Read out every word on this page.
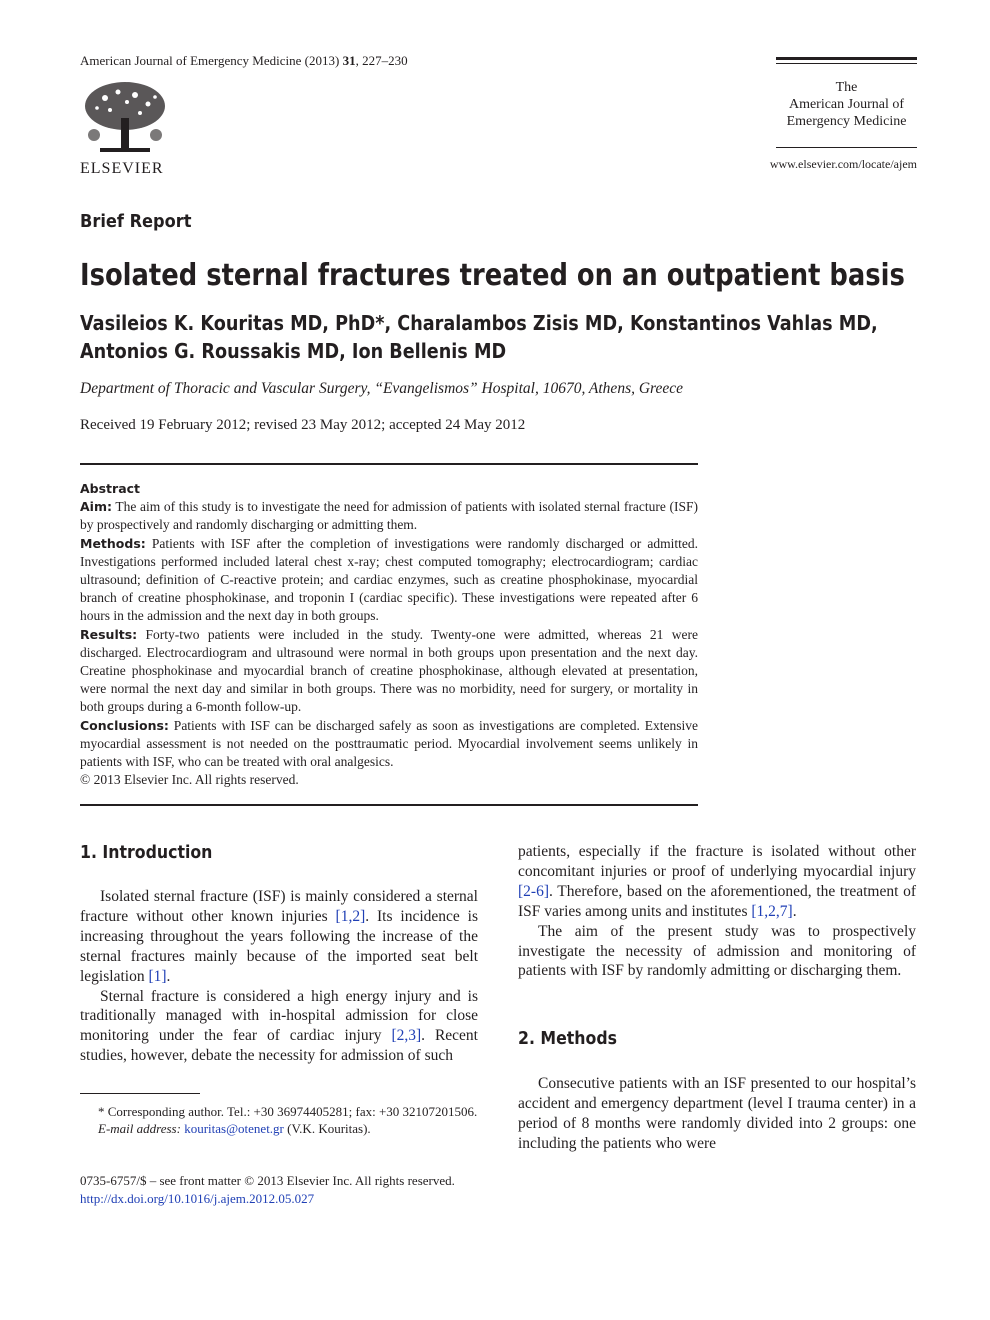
American Journal of Emergency Medicine (2013) 31, 227–230
ELSEVIER
The
American Journal of
Emergency Medicine
www.elsevier.com/locate/ajem
Brief Report
Isolated sternal fractures treated on an outpatient basis
Vasileios K. Kouritas MD, PhD*, Charalambos Zisis MD, Konstantinos Vahlas MD,
Antonios G. Roussakis MD, Ion Bellenis MD
Department of Thoracic and Vascular Surgery, “Evangelismos” Hospital, 10670, Athens, Greece
Received 19 February 2012; revised 23 May 2012; accepted 24 May 2012

Abstract

Aim: The aim of this study is to investigate the need for admission of patients with isolated sternal fracture (ISF) by prospectively and randomly discharging or admitting them.

Methods: Patients with ISF after the completion of investigations were randomly discharged or admitted. Investigations performed included lateral chest x-ray; chest computed tomography; electrocardiogram; cardiac ultrasound; definition of C-reactive protein; and cardiac enzymes, such as creatine phosphokinase, myocardial branch of creatine phosphokinase, and troponin I (cardiac specific). These investigations were repeated after 6 hours in the admission and the next day in both groups.

Results: Forty-two patients were included in the study. Twenty-one were admitted, whereas 21 were discharged. Electrocardiogram and ultrasound were normal in both groups upon presentation and the next day. Creatine phosphokinase and myocardial branch of creatine phosphokinase, although elevated at presentation, were normal the next day and similar in both groups. There was no morbidity, need for surgery, or mortality in both groups during a 6-month follow-up.

Conclusions: Patients with ISF can be discharged safely as soon as investigations are completed. Extensive myocardial assessment is not needed on the posttraumatic period. Myocardial involvement seems unlikely in patients with ISF, who can be treated with oral analgesics.

© 2013 Elsevier Inc. All rights reserved.

1. Introduction

Isolated sternal fracture (ISF) is mainly considered a sternal fracture without other known injuries [1,2]. Its incidence is increasing throughout the years following the increase of the sternal fractures mainly because of the imported seat belt legislation [1].

Sternal fracture is considered a high energy injury and is traditionally managed with in-hospital admission for close monitoring under the fear of cardiac injury [2,3]. Recent studies, however, debate the necessity for admission of such

* Corresponding author. Tel.: +30 36974405281; fax: +30 32107201506.

E-mail address: kouritas@otenet.gr (V.K. Kouritas).

0735-6757/$ – see front matter © 2013 Elsevier Inc. All rights reserved.
http://dx.doi.org/10.1016/j.ajem.2012.05.027

patients, especially if the fracture is isolated without other concomitant injuries or proof of underlying myocardial injury [2-6]. Therefore, based on the aforementioned, the treatment of ISF varies among units and institutes [1,2,7].

The aim of the present study was to prospectively investigate the necessity of admission and monitoring of patients with ISF by randomly admitting or discharging them.

2. Methods

Consecutive patients with an ISF presented to our hospital’s accident and emergency department (level I trauma center) in a period of 8 months were randomly divided into 2 groups: one including the patients who were
